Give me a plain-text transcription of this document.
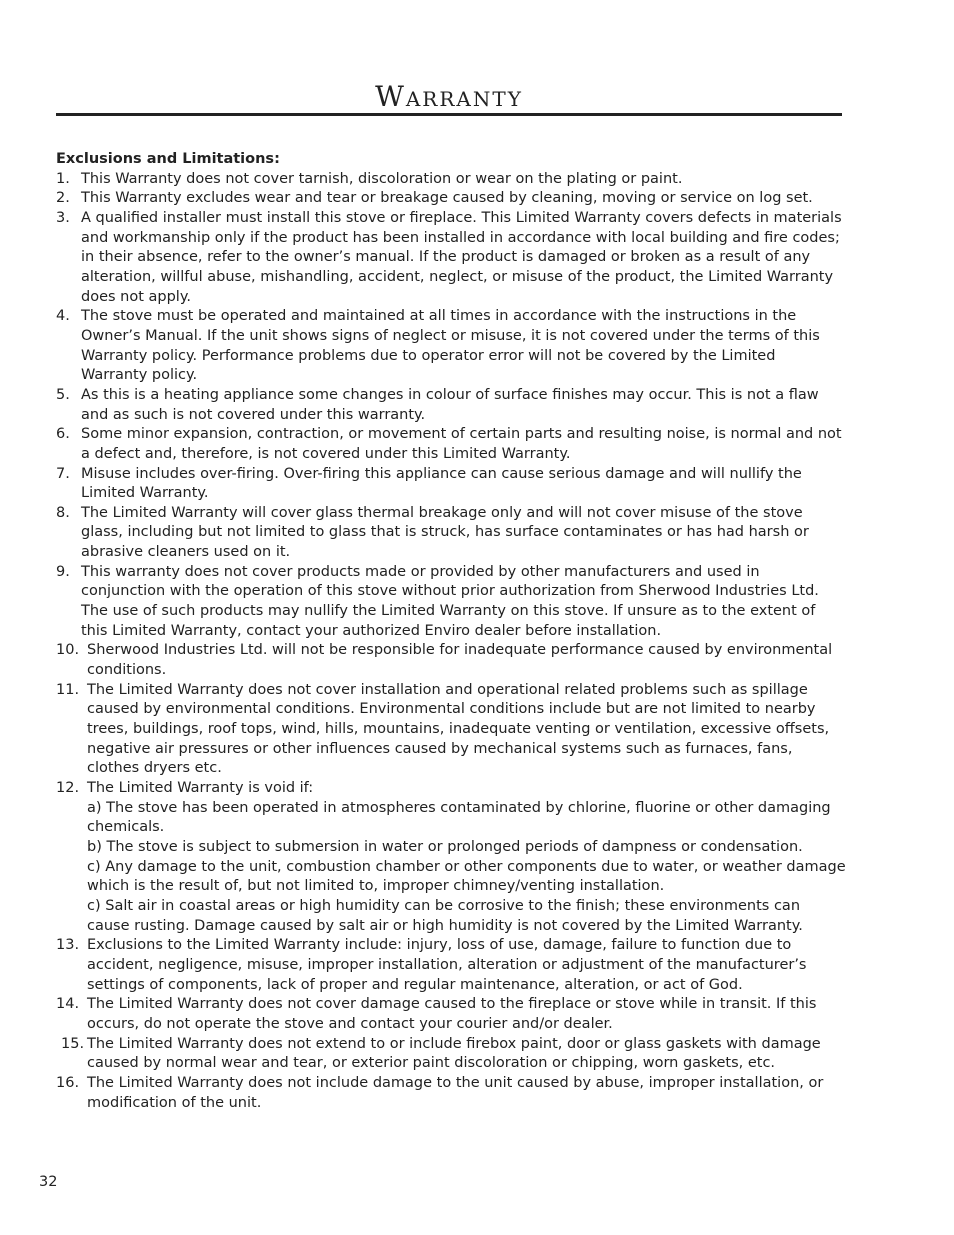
Warranty

Exclusions and Limitations:

1. This Warranty does not cover tarnish, discoloration or wear on the plating or paint.
2. This Warranty excludes wear and tear or breakage caused by cleaning, moving or service on log set.
3. A qualified installer must install this stove or fireplace. This Limited Warranty covers defects in materials and workmanship only if the product has been installed in accordance with local building and fire codes; in their absence, refer to the owner’s manual. If the product is damaged or broken as a result of any alteration, willful abuse, mishandling, accident, neglect, or misuse of the product, the Limited Warranty does not apply.
4. The stove must be operated and maintained at all times in accordance with the instructions in the Owner’s Manual. If the unit shows signs of neglect or misuse, it is not covered under the terms of this Warranty policy. Performance problems due to operator error will not be covered by the Limited Warranty policy.
5. As this is a heating appliance some changes in colour of surface finishes may occur. This is not a flaw and as such is not covered under this warranty.
6. Some minor expansion, contraction, or movement of certain parts and resulting noise, is normal and not a defect and, therefore, is not covered under this Limited Warranty.
7. Misuse includes over-firing. Over-firing this appliance can cause serious damage and will nullify the Limited Warranty.
8. The Limited Warranty will cover glass thermal breakage only and will not cover misuse of the stove glass, including but not limited to glass that is struck, has surface contaminates or has had harsh or abrasive cleaners used on it.
9. This warranty does not cover products made or provided by other manufacturers and used in conjunction with the operation of this stove without prior authorization from Sherwood Industries Ltd. The use of such products may nullify the Limited Warranty on this stove. If unsure as to the extent of this Limited Warranty, contact your authorized Enviro dealer before installation.
10. Sherwood Industries Ltd. will not be responsible for inadequate performance caused by environmental conditions.
11. The Limited Warranty does not cover installation and operational related problems such as spillage caused by environmental conditions. Environmental conditions include but are not limited to nearby trees, buildings, roof tops, wind, hills, mountains, inadequate venting or ventilation, excessive offsets, negative air pressures or other influences caused by mechanical systems such as furnaces, fans, clothes dryers etc.
12. The Limited Warranty is void if:

a) The stove has been operated in atmospheres contaminated by chlorine, fluorine or other damaging chemicals.

b) The stove is subject to submersion in water or prolonged periods of dampness or condensation.

c) Any damage to the unit, combustion chamber or other components due to water, or weather damage which is the result of, but not limited to, improper chimney/venting installation.

c) Salt air in coastal areas or high humidity can be corrosive to the finish; these environments can cause rusting. Damage caused by salt air or high humidity is not covered by the Limited Warranty.

13. Exclusions to the Limited Warranty include: injury, loss of use, damage, failure to function due to accident, negligence, misuse, improper installation, alteration or adjustment of the manufacturer’s settings of components, lack of proper and regular maintenance, alteration, or act of God.
14. The Limited Warranty does not cover damage caused to the fireplace or stove while in transit. If this occurs, do not operate the stove and contact your courier and/or dealer.
15. The Limited Warranty does not extend to or include firebox paint, door or glass gaskets with damage caused by normal wear and tear, or exterior paint discoloration or chipping, worn gaskets, etc.
16. The Limited Warranty does not include damage to the unit caused by abuse, improper installation, or modification of the unit.
32
